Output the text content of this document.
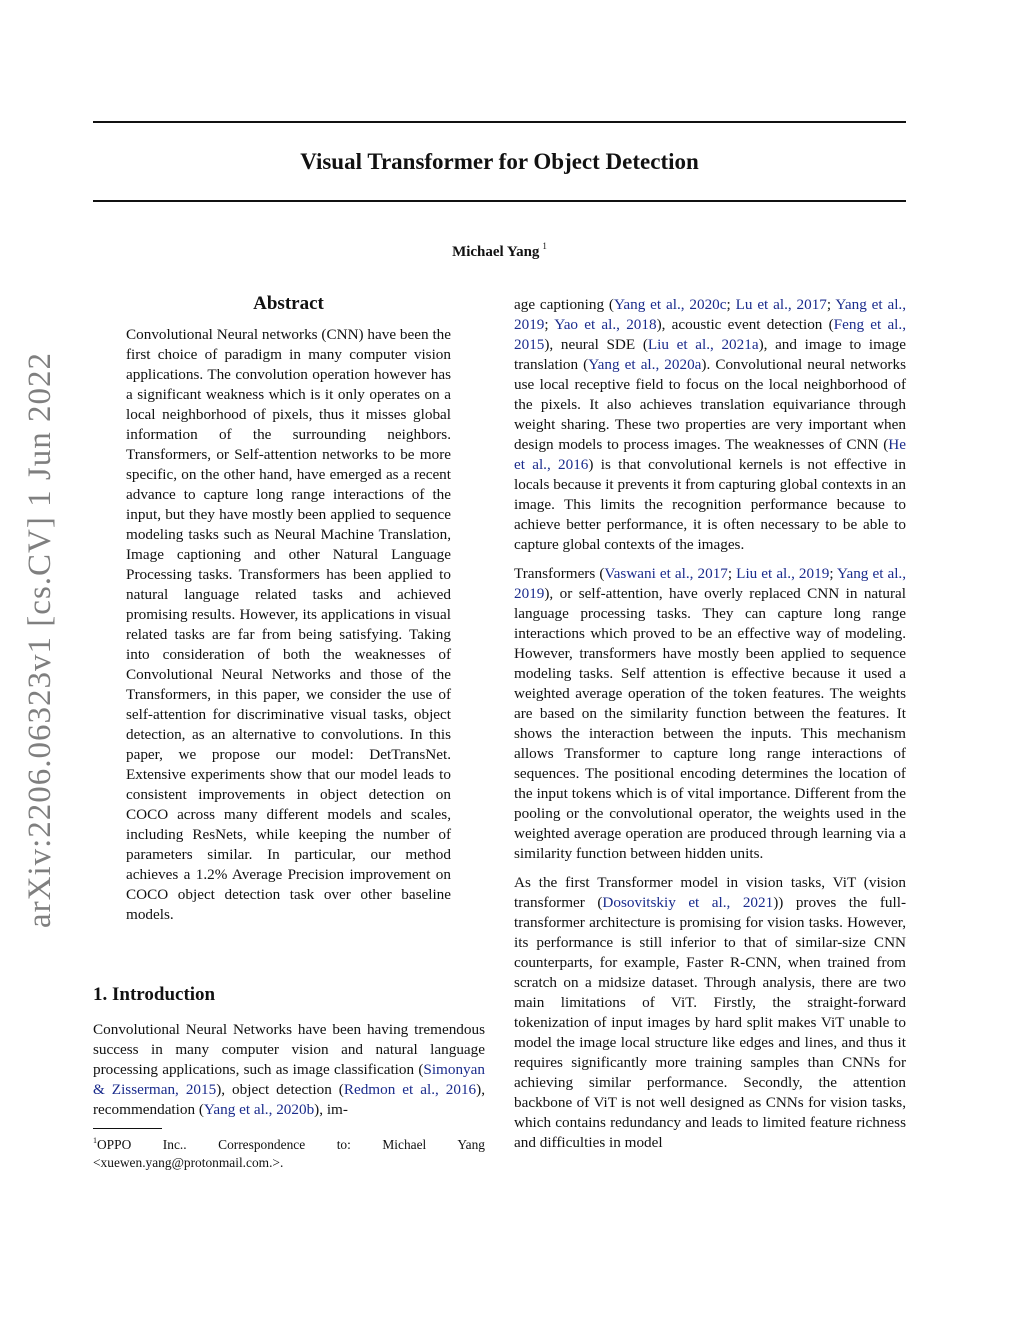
arXiv:2206.06323v1 [cs.CV] 1 Jun 2022
Visual Transformer for Object Detection
Michael Yang $^1$
Abstract

Convolutional Neural networks (CNN) have been the first choice of paradigm in many computer vision applications. The convolution operation however has a significant weakness which is it only operates on a local neighborhood of pixels, thus it misses global information of the surrounding neighbors. Transformers, or Self-attention networks to be more specific, on the other hand, have emerged as a recent advance to capture long range interactions of the input, but they have mostly been applied to sequence modeling tasks such as Neural Machine Translation, Image captioning and other Natural Language Processing tasks. Transformers has been applied to natural language related tasks and achieved promising results. However, its applications in visual related tasks are far from being satisfying. Taking into consideration of both the weaknesses of Convolutional Neural Networks and those of the Transformers, in this paper, we consider the use of self-attention for discriminative visual tasks, object detection, as an alternative to convolutions. In this paper, we propose our model: DetTransNet. Extensive experiments show that our model leads to consistent improvements in object detection on COCO across many different models and scales, including ResNets, while keeping the number of parameters similar. In particular, our method achieves a 1.2% Average Precision improvement on COCO object detection task over other baseline models.

1. Introduction

Convolutional Neural Networks have been having tremendous success in many computer vision and natural language processing applications, such as image classification (Simonyan & Zisserman, 2015), object detection (Redmon et al., 2016), recommendation (Yang et al., 2020b), im-

$^1$OPPO Inc.. Correspondence to: Michael Yang <xuewen.yang@protonmail.com.>.

age captioning (Yang et al., 2020c; Lu et al., 2017; Yang et al., 2019; Yao et al., 2018), acoustic event detection (Feng et al., 2015), neural SDE (Liu et al., 2021a), and image to image translation (Yang et al., 2020a). Convolutional neural networks use local receptive field to focus on the local neighborhood of the pixels. It also achieves translation equivariance through weight sharing. These two properties are very important when design models to process images. The weaknesses of CNN (He et al., 2016) is that convolutional kernels is not effective in locals because it prevents it from capturing global contexts in an image. This limits the recognition performance because to achieve better performance, it is often necessary to be able to capture global contexts of the images.

Transformers (Vaswani et al., 2017; Liu et al., 2019; Yang et al., 2019), or self-attention, have overly replaced CNN in natural language processing tasks. They can capture long range interactions which proved to be an effective way of modeling. However, transformers have mostly been applied to sequence modeling tasks. Self attention is effective because it used a weighted average operation of the token features. The weights are based on the similarity function between the features. It shows the interaction between the inputs. This mechanism allows Transformer to capture long range interactions of sequences. The positional encoding determines the location of the input tokens which is of vital importance. Different from the pooling or the convolutional operator, the weights used in the weighted average operation are produced through learning via a similarity function between hidden units.

As the first Transformer model in vision tasks, ViT (vision transformer (Dosovitskiy et al., 2021)) proves the full-transformer architecture is promising for vision tasks. However, its performance is still inferior to that of similar-size CNN counterparts, for example, Faster R-CNN, when trained from scratch on a midsize dataset. Through analysis, there are two main limitations of ViT. Firstly, the straight-forward tokenization of input images by hard split makes ViT unable to model the image local structure like edges and lines, and thus it requires significantly more training samples than CNNs for achieving similar performance. Secondly, the attention backbone of ViT is not well designed as CNNs for vision tasks, which contains redundancy and leads to limited feature richness and difficulties in model
